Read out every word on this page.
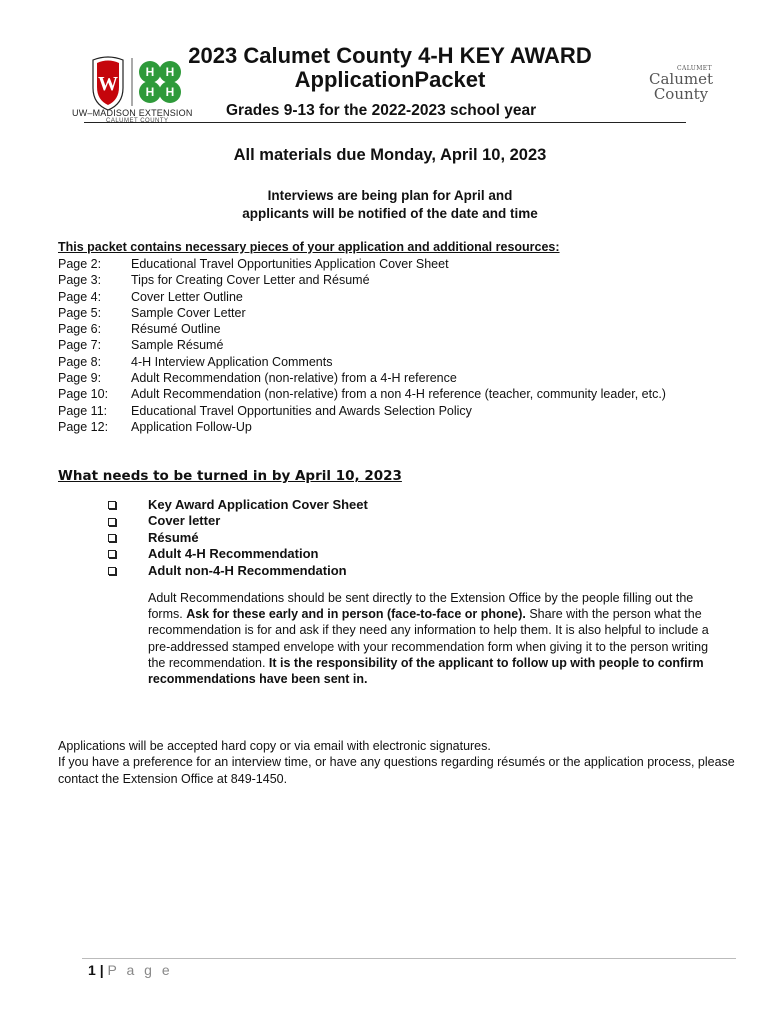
W
H H
H H
UW–MADISON EXTENSION
CALUMET COUNTY
2023 Calumet County 4-H KEY AWARD
ApplicationPacket	CALUMET
Calumet
County
Grades 9-13 for the 2022-2023 school year
All materials due Monday, April 10, 2023
Interviews are being plan for April and
applicants will be notified of the date and time
This packet contains necessary pieces of your application and additional resources:
Page 2:	Educational Travel Opportunities Application Cover Sheet
Page 3:	Tips for Creating Cover Letter and Résumé
Page 4:	Cover Letter Outline
Page 5:	Sample Cover Letter
Page 6:	Résumé Outline
Page 7:	Sample Résumé
Page 8:	4-H Interview Application Comments
Page 9:	Adult Recommendation (non-relative) from a 4-H reference
Page 10:	Adult Recommendation (non-relative) from a non 4-H reference (teacher, community leader, etc.)
Page 11:	Educational Travel Opportunities and Awards Selection Policy
Page 12:	Application Follow-Up
What needs to be turned in by April 10, 2023
Key Award Application Cover Sheet
Cover letter
Résumé
Adult 4-H Recommendation
Adult non-4-H Recommendation
Adult Recommendations should be sent directly to the Extension Office by the people filling out the forms. Ask for these early and in person (face-to-face or phone). Share with the person what the recommendation is for and ask if they need any information to help them. It is also helpful to include a pre-addressed stamped envelope with your recommendation form when giving it to the person writing the recommendation. It is the responsibility of the applicant to follow up with people to confirm recommendations have been sent in.
Applications will be accepted hard copy or via email with electronic signatures.
If you have a preference for an interview time, or have any questions regarding résumés or the application process, please contact the Extension Office at 849-1450.
1 | P a g e
